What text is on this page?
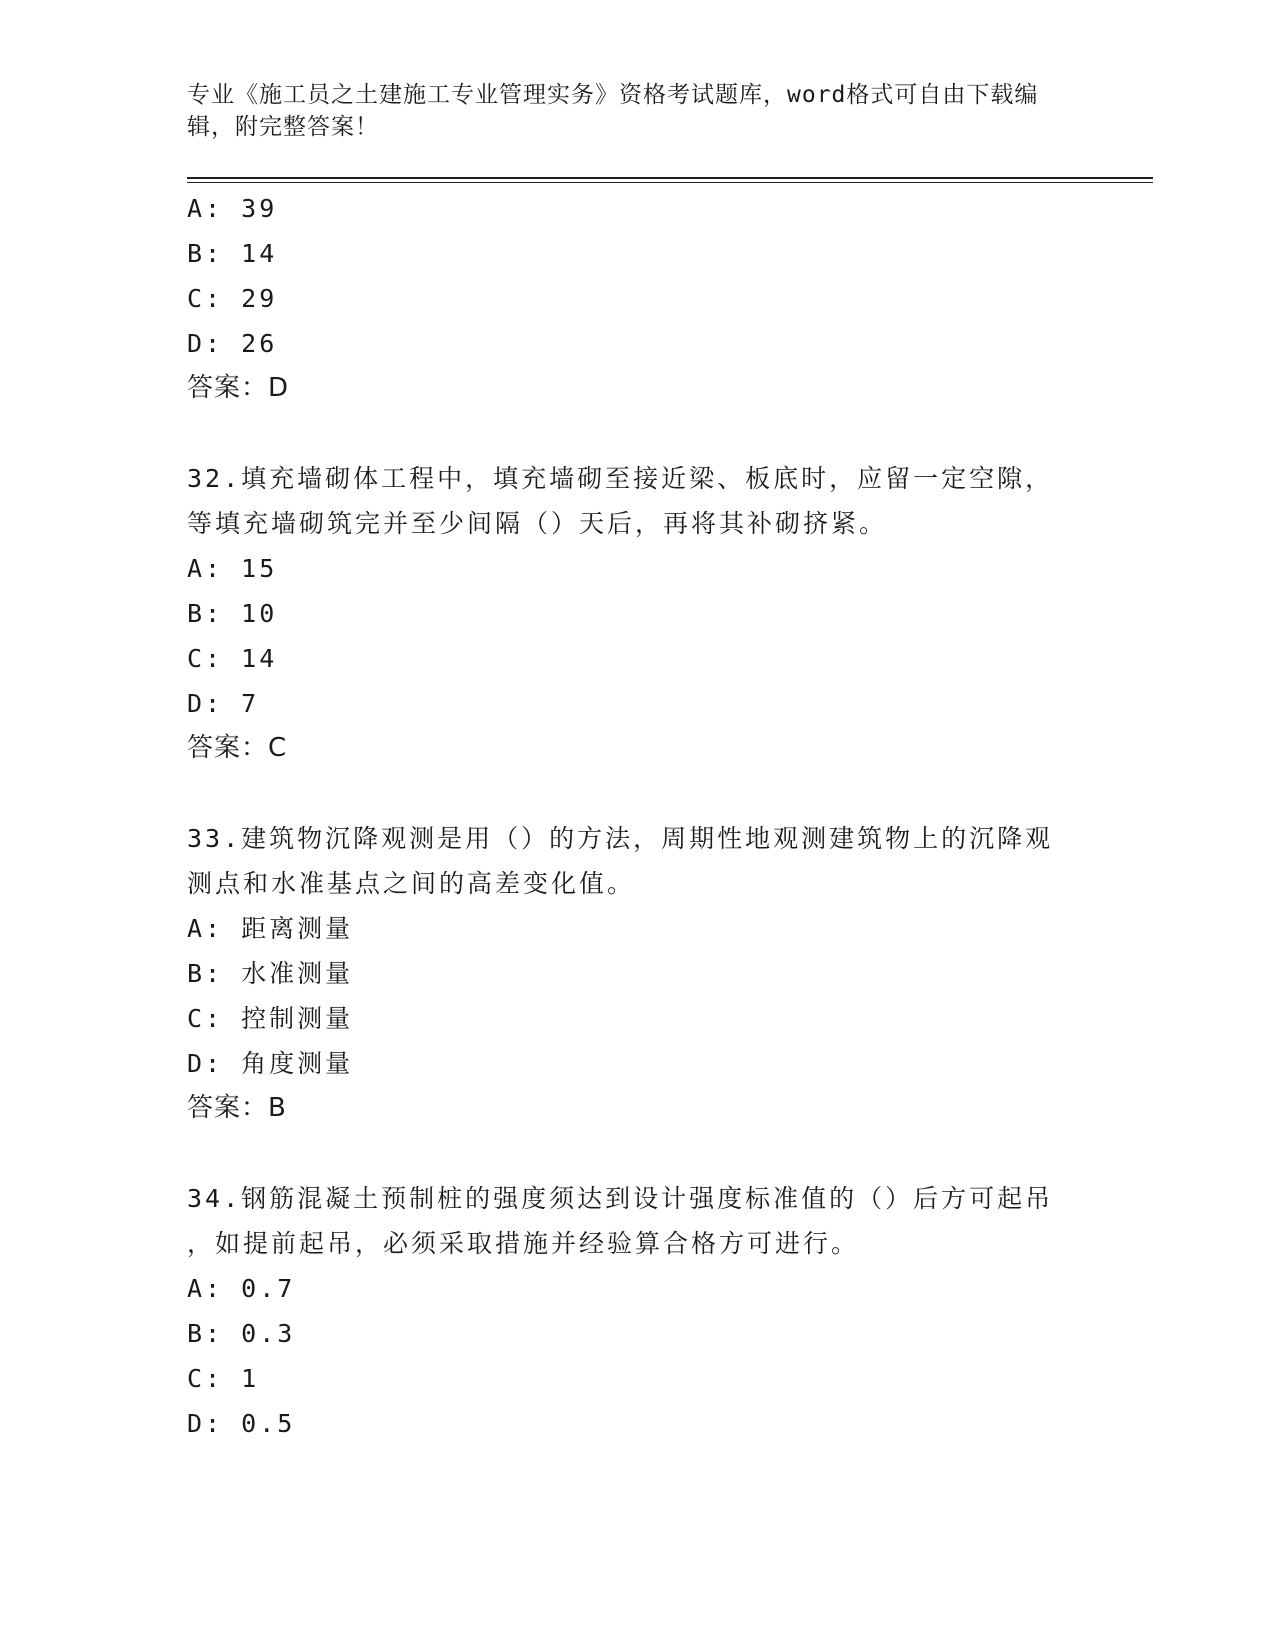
专业《施工员之土建施工专业管理实务》资格考试题库，word格式可自由下载编
辑，附完整答案！
A: 39
B: 14
C: 29
D: 26
答案：D
32.填充墙砌体工程中，填充墙砌至接近梁、板底时，应留一定空隙，
等填充墙砌筑完并至少间隔（）天后，再将其补砌挤紧。
A: 15
B: 10
C: 14
D: 7
答案：C
33.建筑物沉降观测是用（）的方法，周期性地观测建筑物上的沉降观
测点和水准基点之间的高差变化值。
A: 距离测量
B: 水准测量
C: 控制测量
D: 角度测量
答案：B
34.钢筋混凝土预制桩的强度须达到设计强度标准值的（）后方可起吊
，如提前起吊，必须采取措施并经验算合格方可进行。
A: 0.7
B: 0.3
C: 1
D: 0.5
